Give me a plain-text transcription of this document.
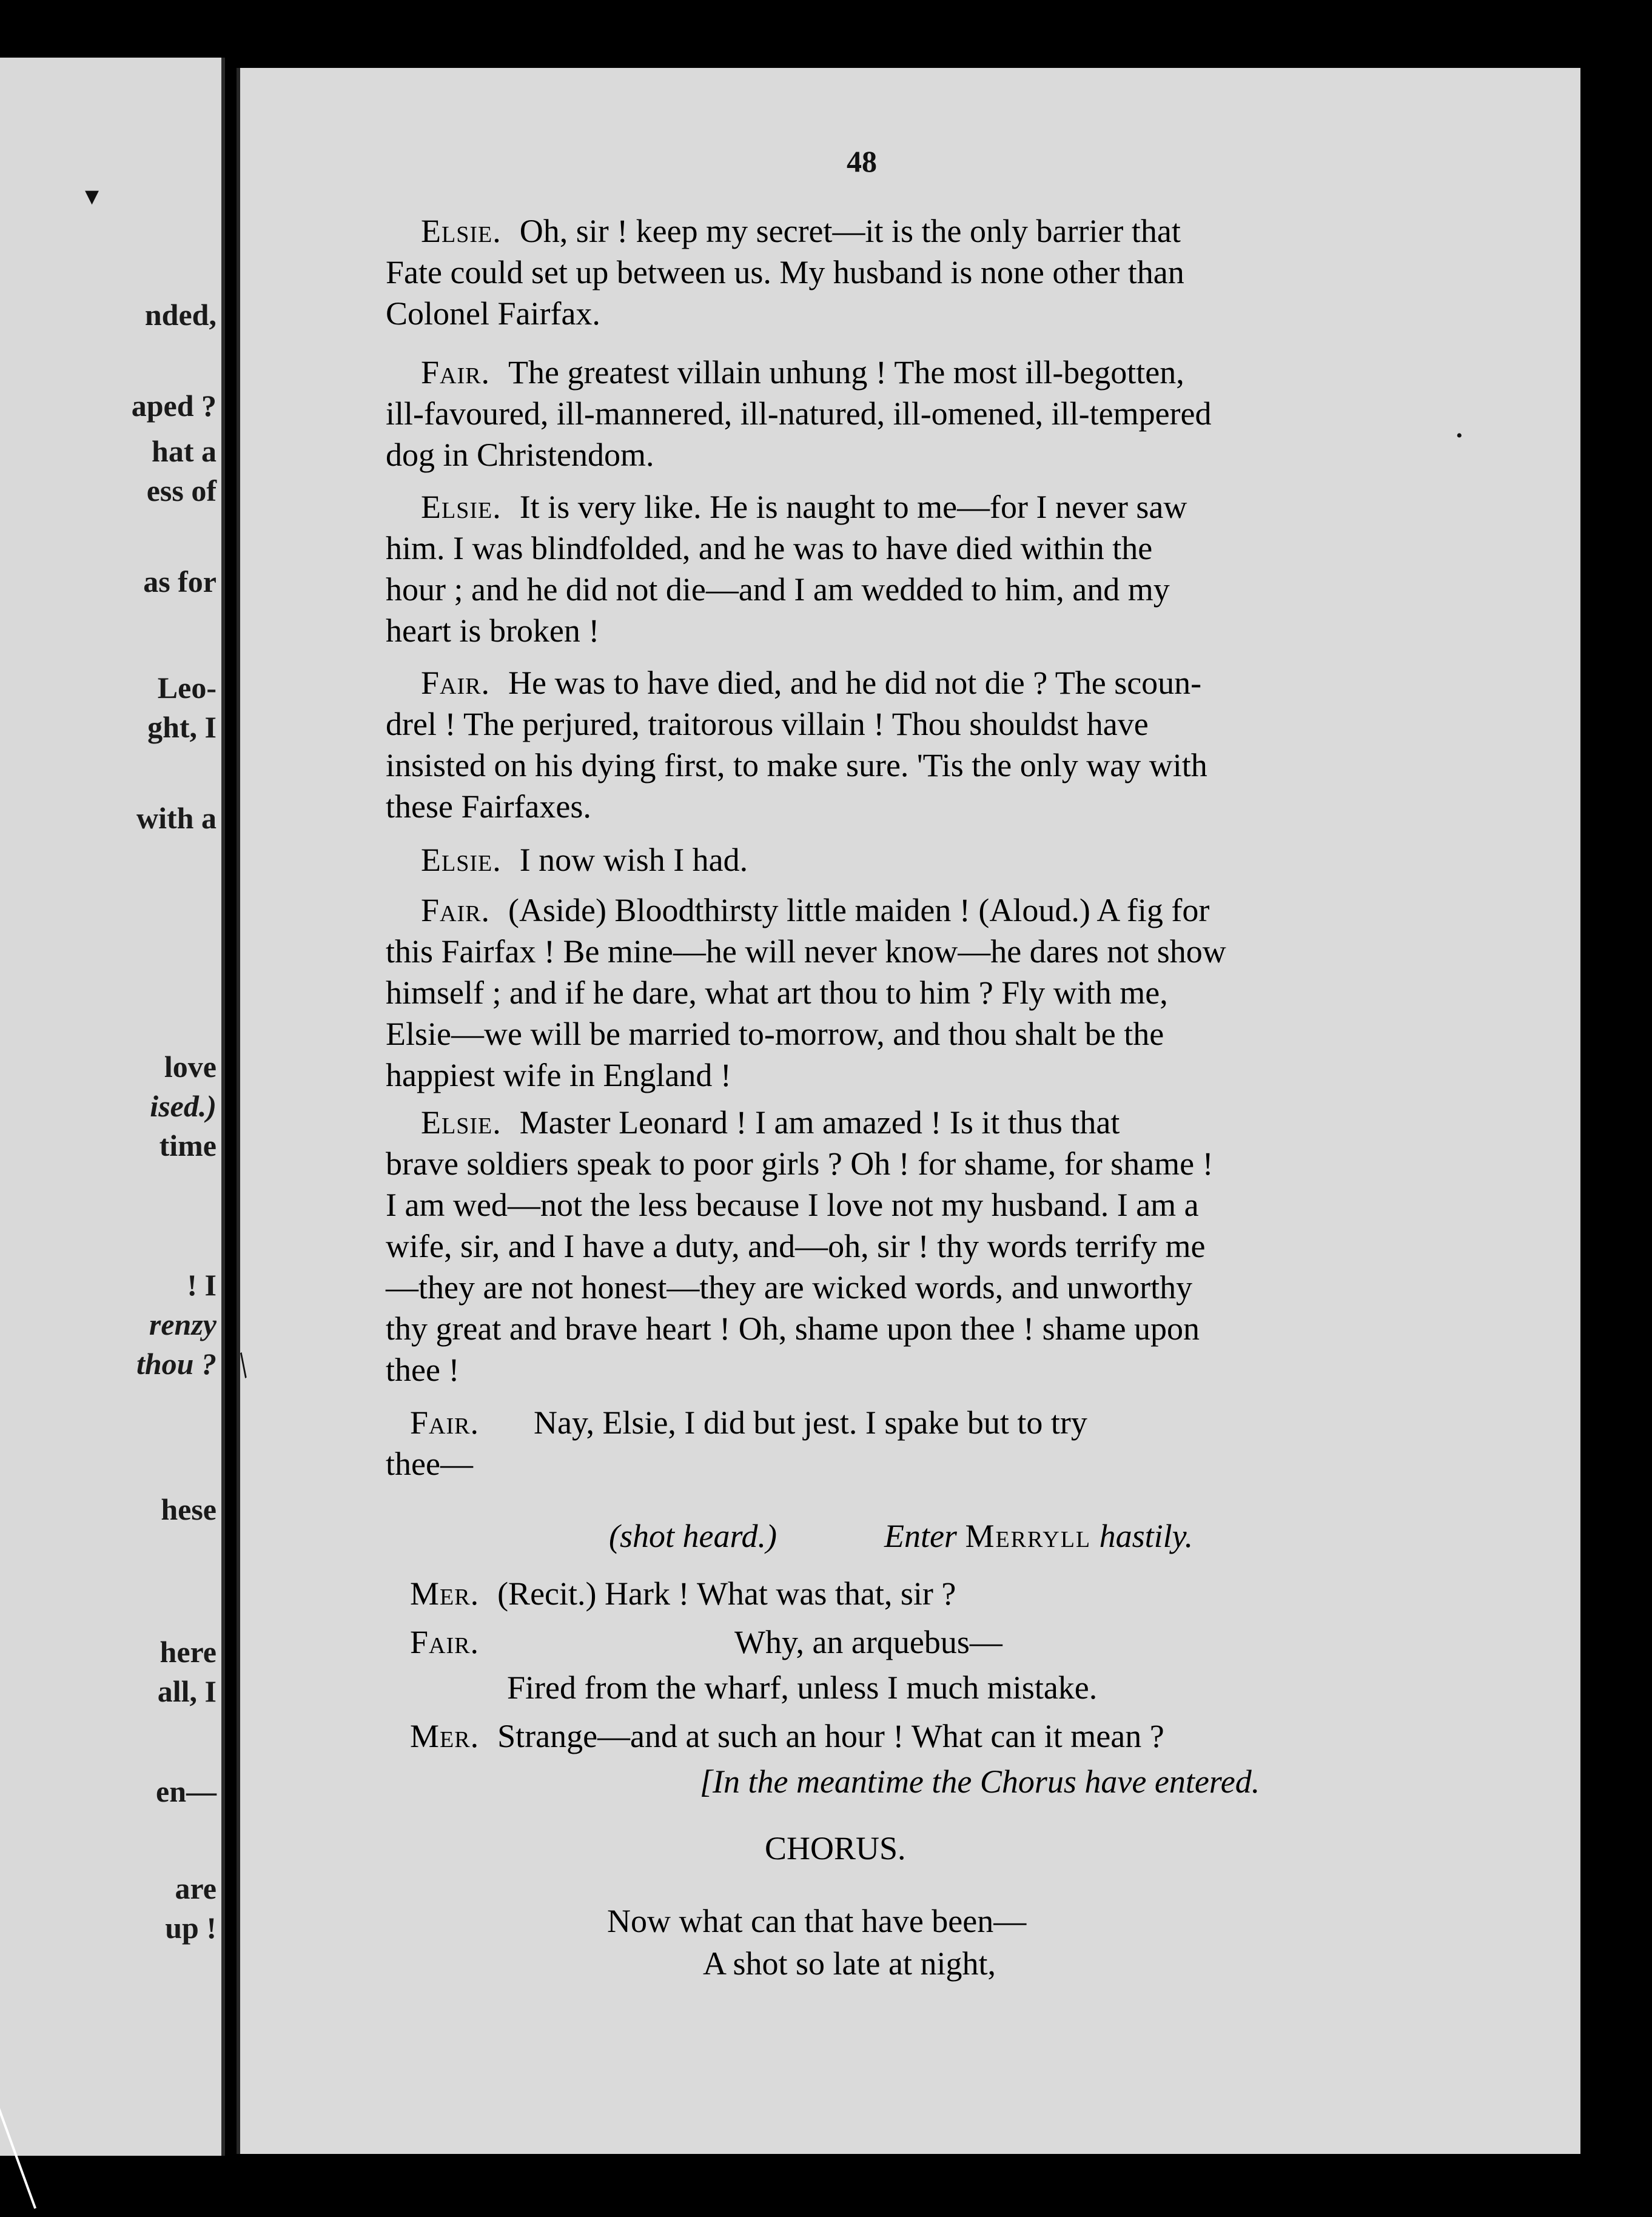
▾
nded,
aped ?
hat a
ess of
as for
Leo-
ght, I
with a
love
ised.)
time
! I
renzy
thou ?
hese
here
all, I
en—
are
up !
48
Elsie. Oh, sir ! keep my secret—it is the only barrier that
Fate could set up between us. My husband is none other than
Colonel Fairfax.
Fair. The greatest villain unhung ! The most ill-begotten,
ill-favoured, ill-mannered, ill-natured, ill-omened, ill-tempered
dog in Christendom.
Elsie. It is very like. He is naught to me—for I never saw
him. I was blindfolded, and he was to have died within the
hour ; and he did not die—and I am wedded to him, and my
heart is broken !
Fair. He was to have died, and he did not die ? The scoun-
drel ! The perjured, traitorous villain ! Thou shouldst have
insisted on his dying first, to make sure. 'Tis the only way with
these Fairfaxes.
Elsie. I now wish I had.
Fair. (Aside) Bloodthirsty little maiden ! (Aloud.) A fig for
this Fairfax ! Be mine—he will never know—he dares not show
himself ; and if he dare, what art thou to him ? Fly with me,
Elsie—we will be married to-morrow, and thou shalt be the
happiest wife in England !
Elsie. Master Leonard ! I am amazed ! Is it thus that
brave soldiers speak to poor girls ? Oh ! for shame, for shame !
I am wed—not the less because I love not my husband. I am a
wife, sir, and I have a duty, and—oh, sir ! thy words terrify me
—they are not honest—they are wicked words, and unworthy
thy great and brave heart ! Oh, shame upon thee ! shame upon
thee !
Fair. Nay, Elsie, I did but jest. I spake but to try
thee—
(shot heard.)	Enter Merryll hastily.
Mer. (Recit.) Hark ! What was that, sir ?
Fair.	Why, an arquebus—
Fired from the wharf, unless I much mistake.
Mer. Strange—and at such an hour ! What can it mean ?
[In the meantime the Chorus have entered.
CHORUS.
Now what can that have been—
A shot so late at night,
/
•
